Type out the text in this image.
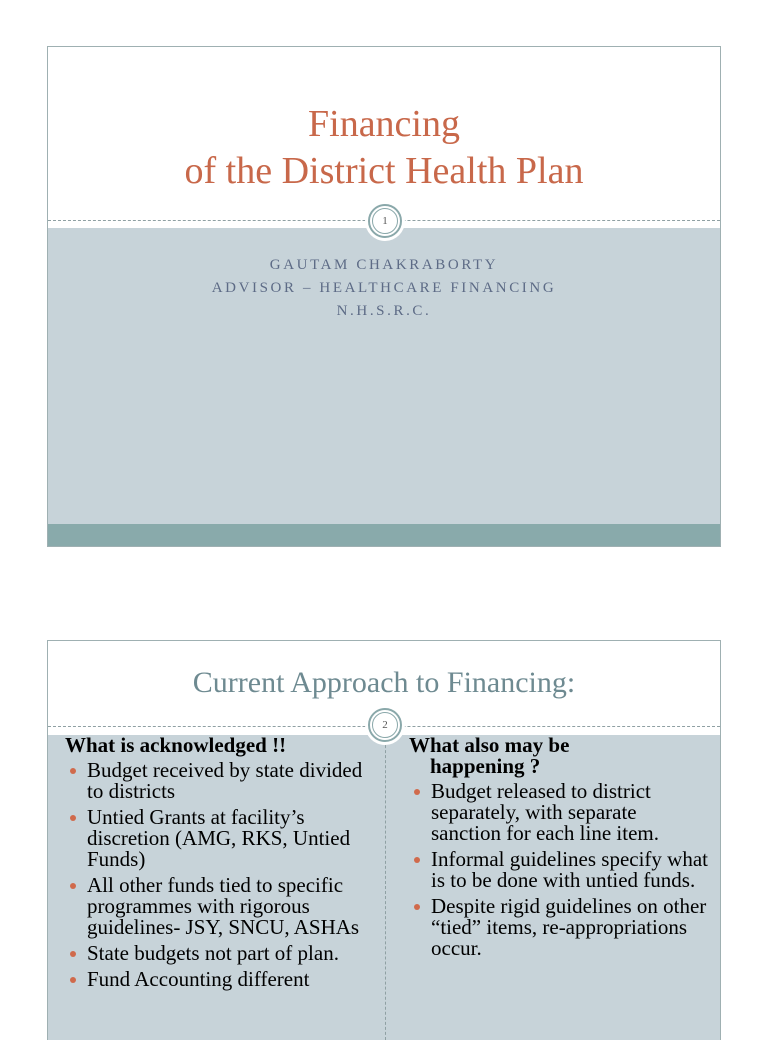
Financing
of the District Health Plan
GAUTAM CHAKRABORTY
ADVISOR – HEALTHCARE FINANCING
N.H.S.R.C.
1
Current Approach to Financing:
2
What is acknowledged !!
Budget received by state divided to districts
Untied Grants at facility’s discretion (AMG, RKS, Untied Funds)
All other funds tied to specific programmes with rigorous guidelines- JSY, SNCU, ASHAs
State budgets not part of plan.
Fund Accounting different
What also may be
happening ?
Budget released to district separately, with separate sanction for each line item.
Informal guidelines specify what is to be done with untied funds.
Despite rigid guidelines on other “tied” items, re-appropriations occur.
